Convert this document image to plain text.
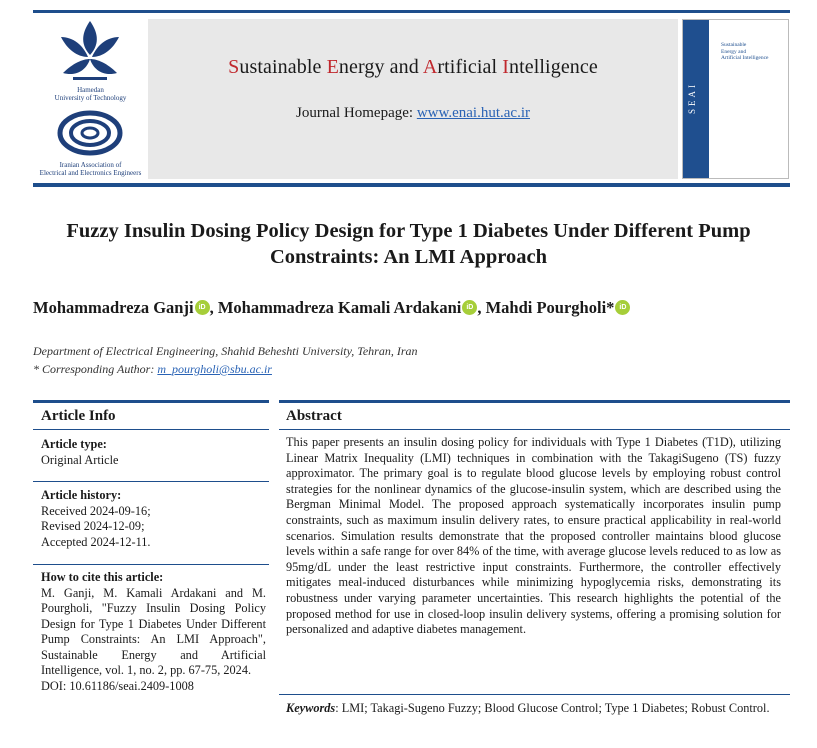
Hamedan
University of Technology
Iranian Association of
Electrical and Electronics Engineers
Sustainable Energy and Artificial Intelligence
Journal Homepage: www.enai.hut.ac.ir	SEAI
Sustainable
Energy and
Artificial Intelligence
Fuzzy Insulin Dosing Policy Design for Type 1 Diabetes Under Different Pump
Constraints: An LMI Approach
Mohammadreza Ganji iD , Mohammadreza Kamali Ardakani iD , Mahdi Pourgholi* iD
Department of Electrical Engineering, Shahid Beheshti University, Tehran, Iran
* Corresponding Author: m_pourgholi@sbu.ac.ir
Article Info
Article type:
Original Article
Article history:
Received 2024-09-16;
Revised 2024-12-09;
Accepted 2024-12-11.
How to cite this article:
M. Ganji, M. Kamali Ardakani and M. Pourgholi, "Fuzzy Insulin Dosing Policy Design for Type 1 Diabetes Under Different Pump Constraints: An LMI Approach", Sustainable Energy and Artificial Intelligence, vol. 1, no. 2, pp. 67-75, 2024.
DOI: 10.61186/seai.2409-1008
Abstract
This paper presents an insulin dosing policy for individuals with Type 1 Diabetes (T1D), utilizing Linear Matrix Inequality (LMI) techniques in combination with the TakagiSugeno (TS) fuzzy approximator. The primary goal is to regulate blood glucose levels by employing robust control strategies for the nonlinear dynamics of the glucose-insulin system, which are described using the Bergman Minimal Model. The proposed approach systematically incorporates insulin pump constraints, such as maximum insulin delivery rates, to ensure practical applicability in real-world scenarios. Simulation results demonstrate that the proposed controller maintains blood glucose levels within a safe range for over 84% of the time, with average glucose levels reduced to as low as 95mg/dL under the least restrictive input constraints. Furthermore, the controller effectively mitigates meal-induced disturbances while minimizing hypoglycemia risks, demonstrating its robustness under varying parameter uncertainties. This research highlights the potential of the proposed method for use in closed-loop insulin delivery systems, offering a promising solution for personalized and adaptive diabetes management.
Keywords: LMI; Takagi-Sugeno Fuzzy; Blood Glucose Control; Type 1 Diabetes; Robust Control.
